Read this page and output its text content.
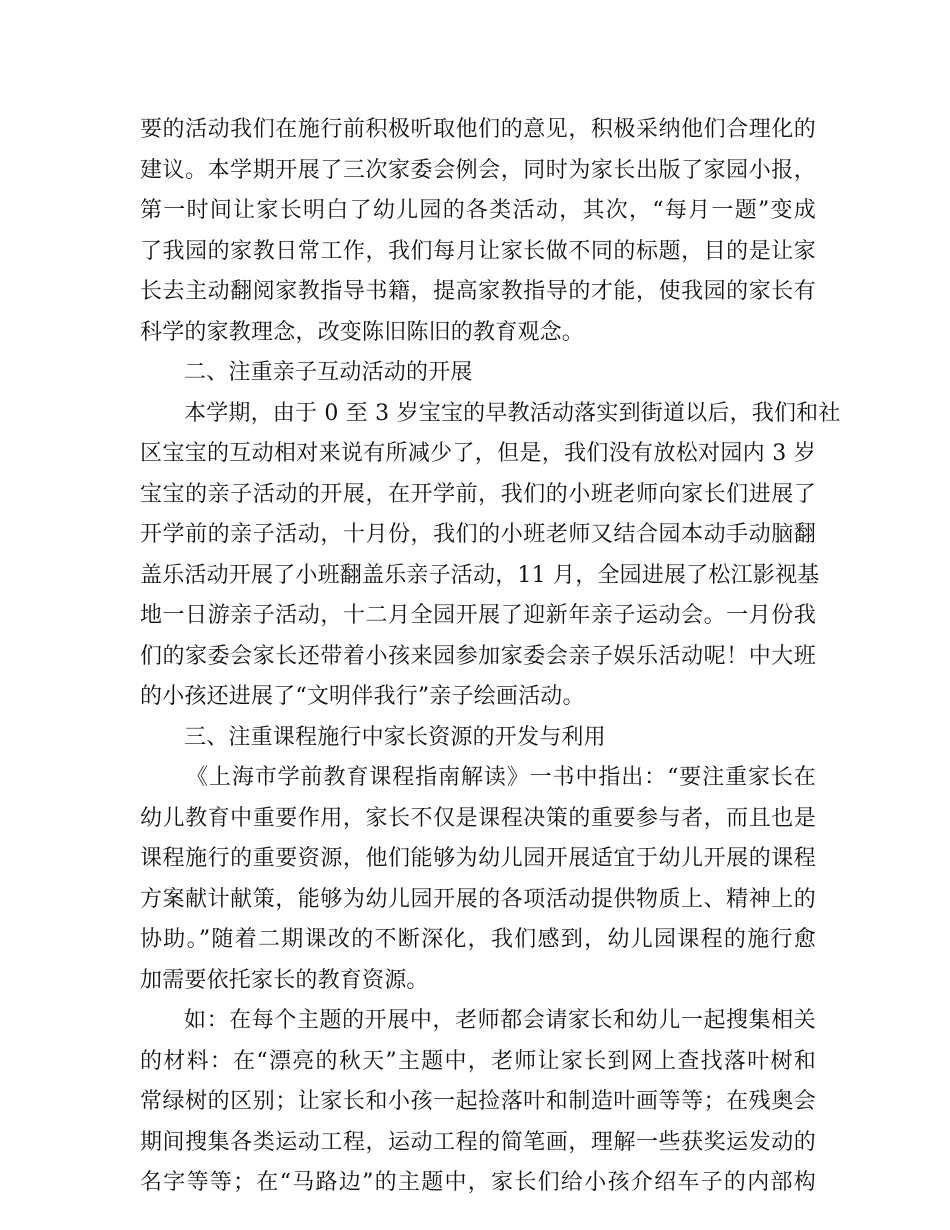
要的活动我们在施行前积极听取他们的意见，积极采纳他们合理化的
建议。本学期开展了三次家委会例会，同时为家长出版了家园小报，
第一时间让家长明白了幼儿园的各类活动，其次，“每月一题”变成
了我园的家教日常工作，我们每月让家长做不同的标题，目的是让家
长去主动翻阅家教指导书籍，提高家教指导的才能，使我园的家长有
科学的家教理念，改变陈旧陈旧的教育观念。
二、注重亲子互动活动的开展
本学期，由于 0 至 3 岁宝宝的早教活动落实到街道以后，我们和社
区宝宝的互动相对来说有所减少了，但是，我们没有放松对园内 3 岁
宝宝的亲子活动的开展，在开学前，我们的小班老师向家长们进展了
开学前的亲子活动，十月份，我们的小班老师又结合园本动手动脑翻
盖乐活动开展了小班翻盖乐亲子活动，11 月，全园进展了松江影视基
地一日游亲子活动，十二月全园开展了迎新年亲子运动会。一月份我
们的家委会家长还带着小孩来园参加家委会亲子娱乐活动呢！中大班
的小孩还进展了“文明伴我行”亲子绘画活动。
三、注重课程施行中家长资源的开发与利用
《上海市学前教育课程指南解读》一书中指出：“要注重家长在
幼儿教育中重要作用，家长不仅是课程决策的重要参与者，而且也是
课程施行的重要资源，他们能够为幼儿园开展适宜于幼儿开展的课程
方案献计献策，能够为幼儿园开展的各项活动提供物质上、精神上的
协助。”随着二期课改的不断深化，我们感到，幼儿园课程的施行愈
加需要依托家长的教育资源。
如：在每个主题的开展中，老师都会请家长和幼儿一起搜集相关
的材料：在“漂亮的秋天”主题中，老师让家长到网上查找落叶树和
常绿树的区别；让家长和小孩一起捡落叶和制造叶画等等；在残奥会
期间搜集各类运动工程，运动工程的简笔画，理解一些获奖运发动的
名字等等；在“马路边”的主题中，家长们给小孩介绍车子的内部构
